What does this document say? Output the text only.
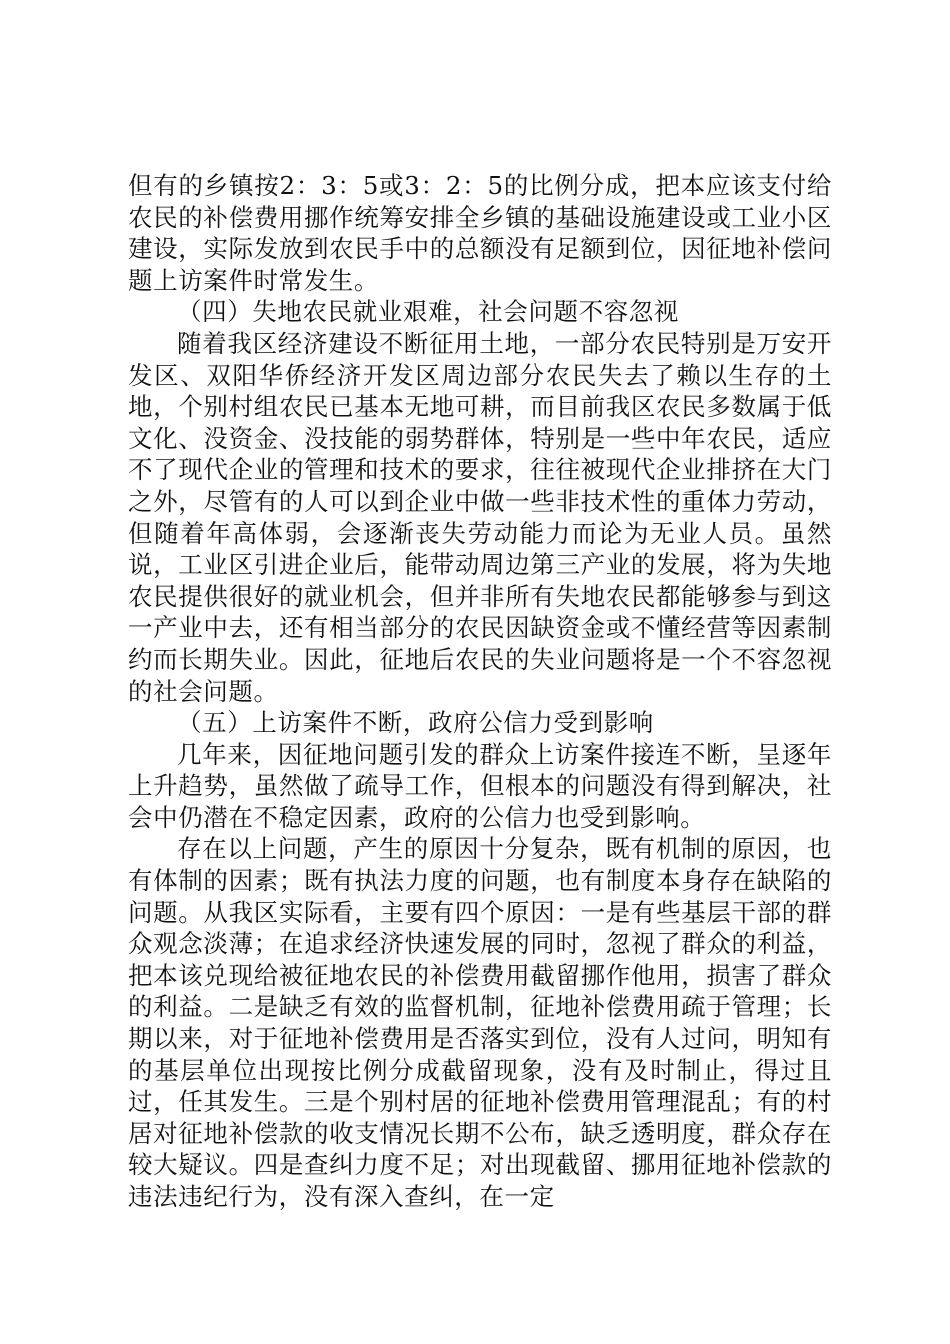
但有的乡镇按2：3：5或3：2：5的比例分成，把本应该支付给农民的补偿费用挪作统筹安排全乡镇的基础设施建设或工业小区建设，实际发放到农民手中的总额没有足额到位，因征地补偿问题上访案件时常发生。

（四）失地农民就业艰难，社会问题不容忽视

随着我区经济建设不断征用土地，一部分农民特别是万安开发区、双阳华侨经济开发区周边部分农民失去了赖以生存的土地，个别村组农民已基本无地可耕，而目前我区农民多数属于低文化、没资金、没技能的弱势群体，特别是一些中年农民，适应不了现代企业的管理和技术的要求，往往被现代企业排挤在大门之外，尽管有的人可以到企业中做一些非技术性的重体力劳动，但随着年高体弱，会逐渐丧失劳动能力而论为无业人员。虽然说，工业区引进企业后，能带动周边第三产业的发展，将为失地农民提供很好的就业机会，但并非所有失地农民都能够参与到这一产业中去，还有相当部分的农民因缺资金或不懂经营等因素制约而长期失业。因此，征地后农民的失业问题将是一个不容忽视的社会问题。

（五）上访案件不断，政府公信力受到影响

几年来，因征地问题引发的群众上访案件接连不断，呈逐年上升趋势，虽然做了疏导工作，但根本的问题没有得到解决，社会中仍潜在不稳定因素，政府的公信力也受到影响。

存在以上问题，产生的原因十分复杂，既有机制的原因，也有体制的因素；既有执法力度的问题，也有制度本身存在缺陷的问题。从我区实际看，主要有四个原因：一是有些基层干部的群众观念淡薄；在追求经济快速发展的同时，忽视了群众的利益，把本该兑现给被征地农民的补偿费用截留挪作他用，损害了群众的利益。二是缺乏有效的监督机制，征地补偿费用疏于管理；长期以来，对于征地补偿费用是否落实到位，没有人过问，明知有的基层单位出现按比例分成截留现象，没有及时制止，得过且过，任其发生。三是个别村居的征地补偿费用管理混乱；有的村居对征地补偿款的收支情况长期不公布，缺乏透明度，群众存在较大疑议。四是查纠力度不足；对出现截留、挪用征地补偿款的违法违纪行为，没有深入查纠，在一定
